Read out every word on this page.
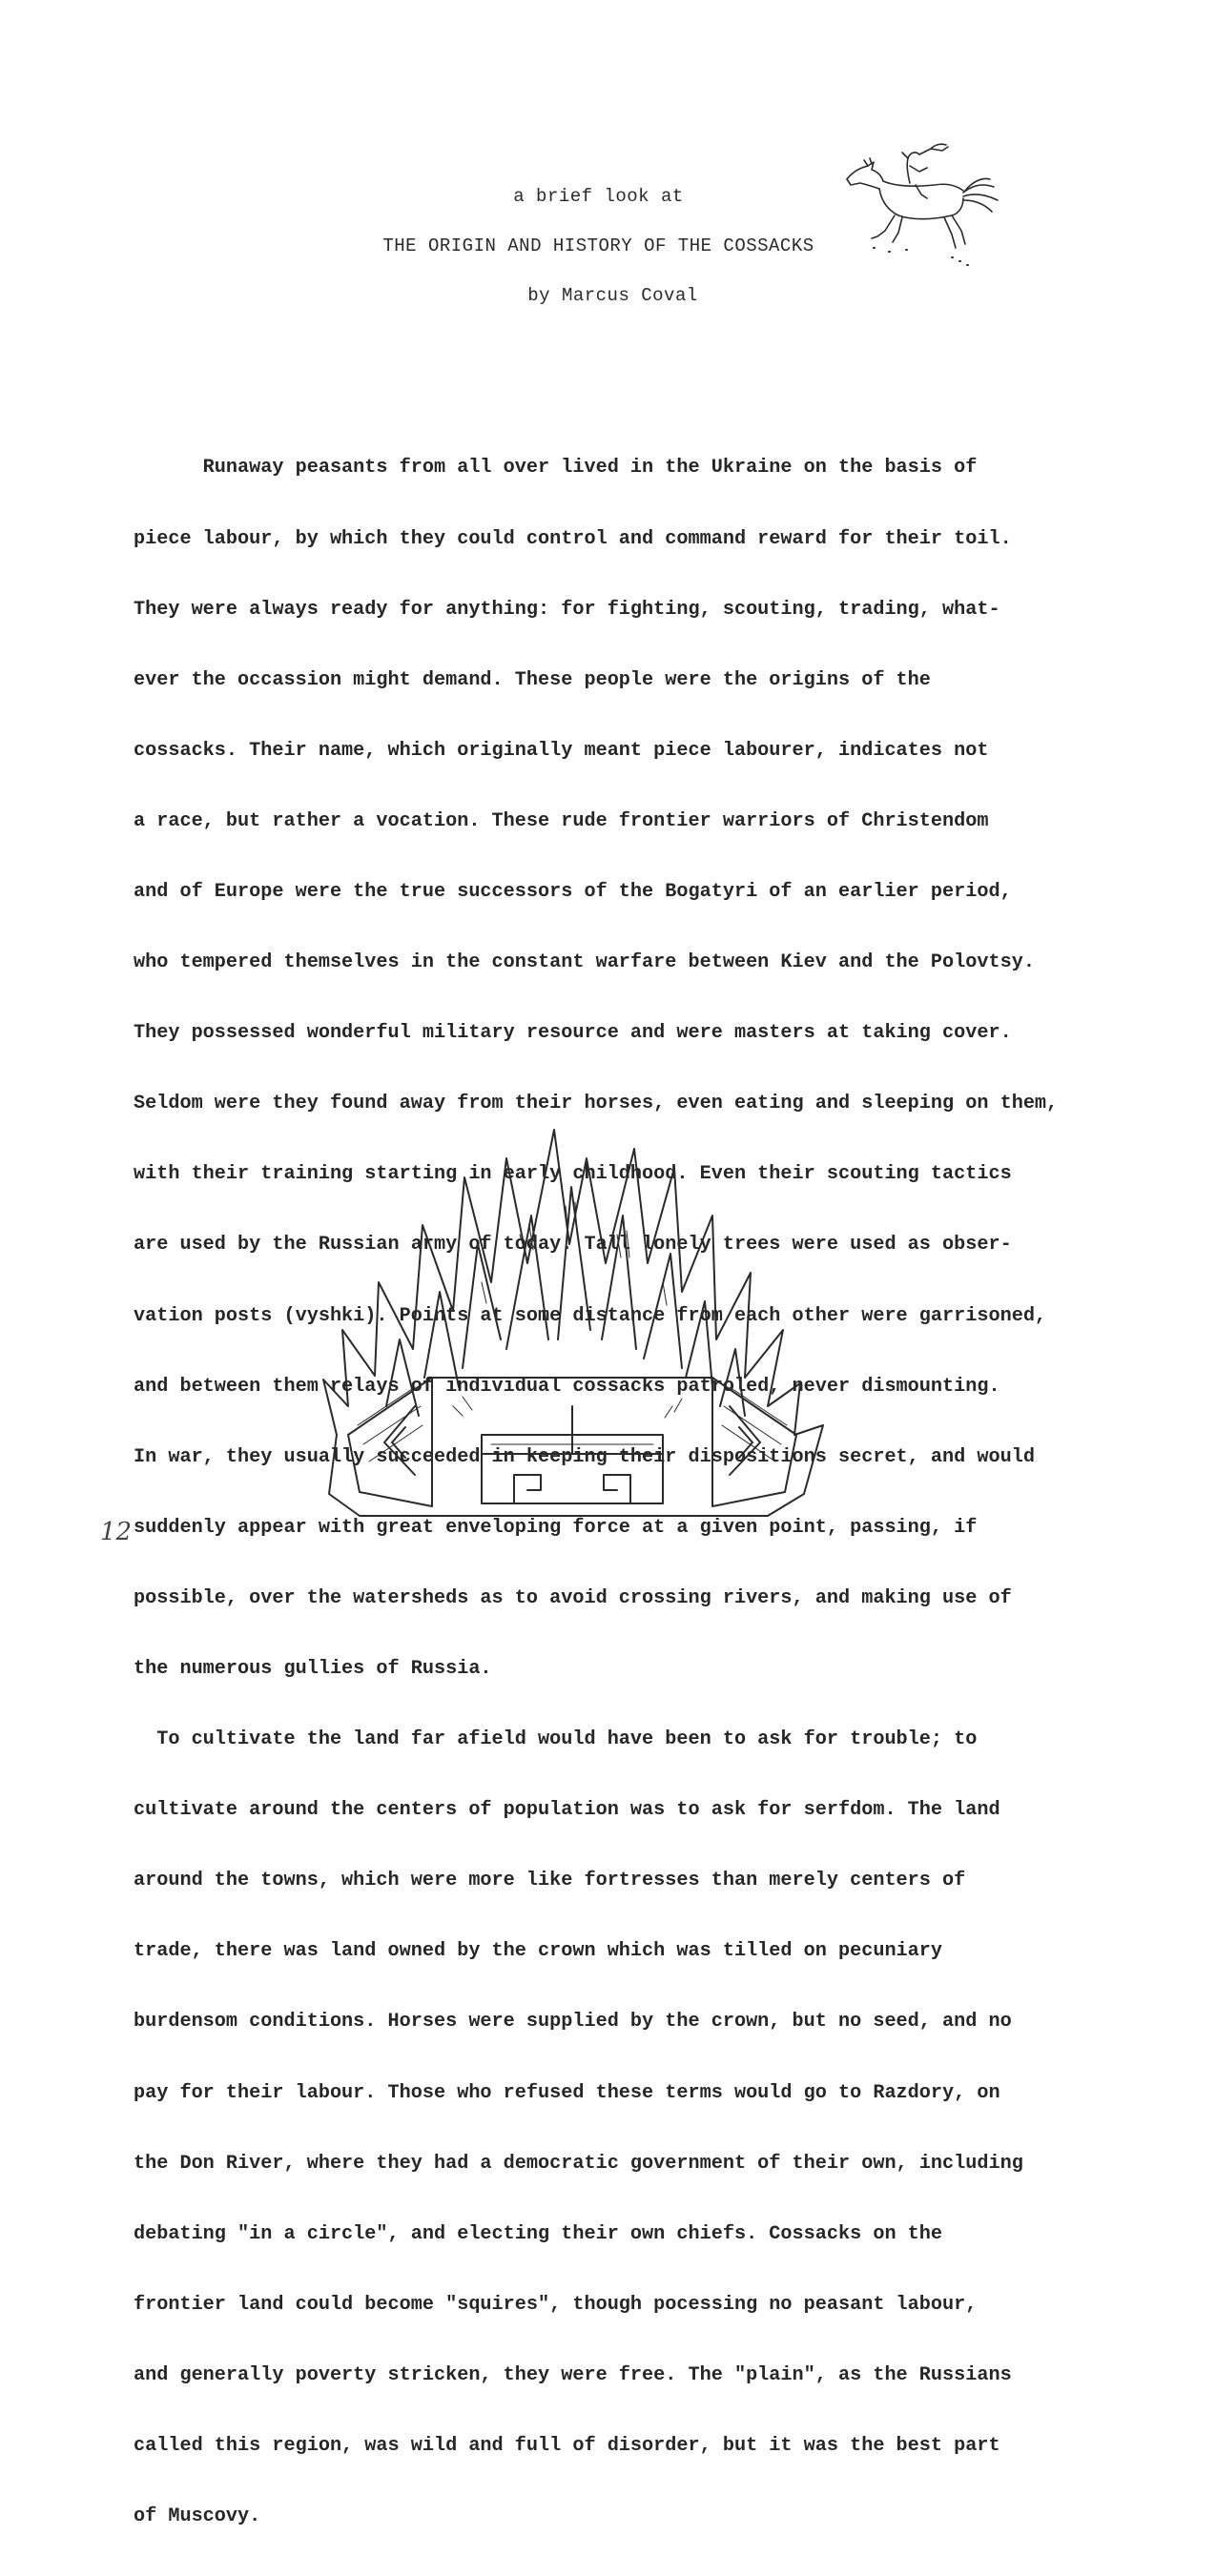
a brief look at
THE ORIGIN AND HISTORY OF THE COSSACKS
by Marcus Coval

Runaway peasants from all over lived in the Ukraine on the basis of

piece labour, by which they could control and command reward for their toil.

They were always ready for anything: for fighting, scouting, trading, what-

ever the occassion might demand. These people were the origins of the

cossacks. Their name, which originally meant piece labourer, indicates not

a race, but rather a vocation. These rude frontier warriors of Christendom

and of Europe were the true successors of the Bogatyri of an earlier period,

who tempered themselves in the constant warfare between Kiev and the Polovtsy.

They possessed wonderful military resource and were masters at taking cover.

Seldom were they found away from their horses, even eating and sleeping on them,

with their training starting in early childhood. Even their scouting tactics

are used by the Russian army of today. Tall lonely trees were used as obser-

vation posts (vyshki). Points at some distance from each other were garrisoned,

and between them relays of individual cossacks patroled, never dismounting.

In war, they usually succeeded in keeping their dispositions secret, and would

suddenly appear with great enveloping force at a given point, passing, if

possible, over the watersheds as to avoid crossing rivers, and making use of

the numerous gullies of Russia.

To cultivate the land far afield would have been to ask for trouble; to

cultivate around the centers of population was to ask for serfdom. The land

around the towns, which were more like fortresses than merely centers of

trade, there was land owned by the crown which was tilled on pecuniary

burdensom conditions. Horses were supplied by the crown, but no seed, and no

pay for their labour. Those who refused these terms would go to Razdory, on

the Don River, where they had a democratic government of their own, including

debating "in a circle", and electing their own chiefs. Cossacks on the

frontier land could become "squires", though pocessing no peasant labour,

and generally poverty stricken, they were free. The "plain", as the Russians

called this region, was wild and full of disorder, but it was the best part

of Muscovy.

12
